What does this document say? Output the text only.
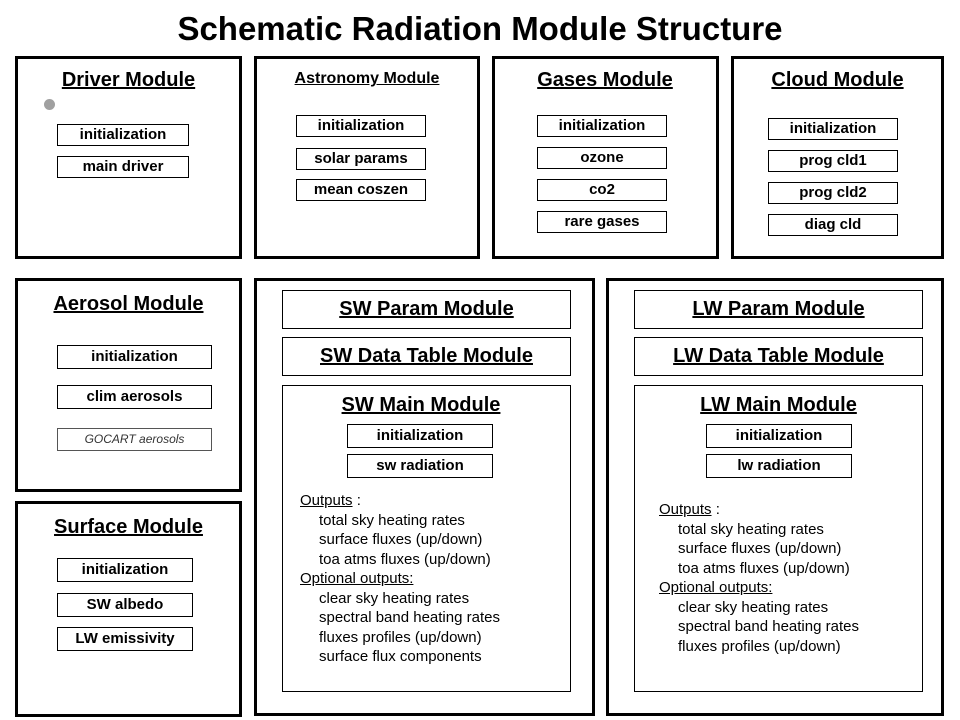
Schematic Radiation Module Structure
Driver Module
initialization
main driver
Astronomy Module
initialization
solar params
mean coszen
Gases Module
initialization
ozone
co2
rare gases
Cloud Module
initialization
prog cld1
prog cld2
diag cld
Aerosol Module
initialization
clim aerosols
GOCART aerosols
Surface Module
initialization
SW albedo
LW emissivity
SW Param Module
SW Data Table Module
SW Main Module
initialization
sw radiation
Outputs :
total sky heating rates
surface fluxes (up/down)
toa atms fluxes (up/down)
Optional outputs:
clear sky heating rates
spectral band heating rates
fluxes profiles (up/down)
surface flux components
LW Param Module
LW Data Table Module
LW Main Module
initialization
lw radiation
Outputs :
total sky heating rates
surface fluxes (up/down)
toa atms fluxes (up/down)
Optional outputs:
clear sky heating rates
spectral band heating rates
fluxes profiles (up/down)
